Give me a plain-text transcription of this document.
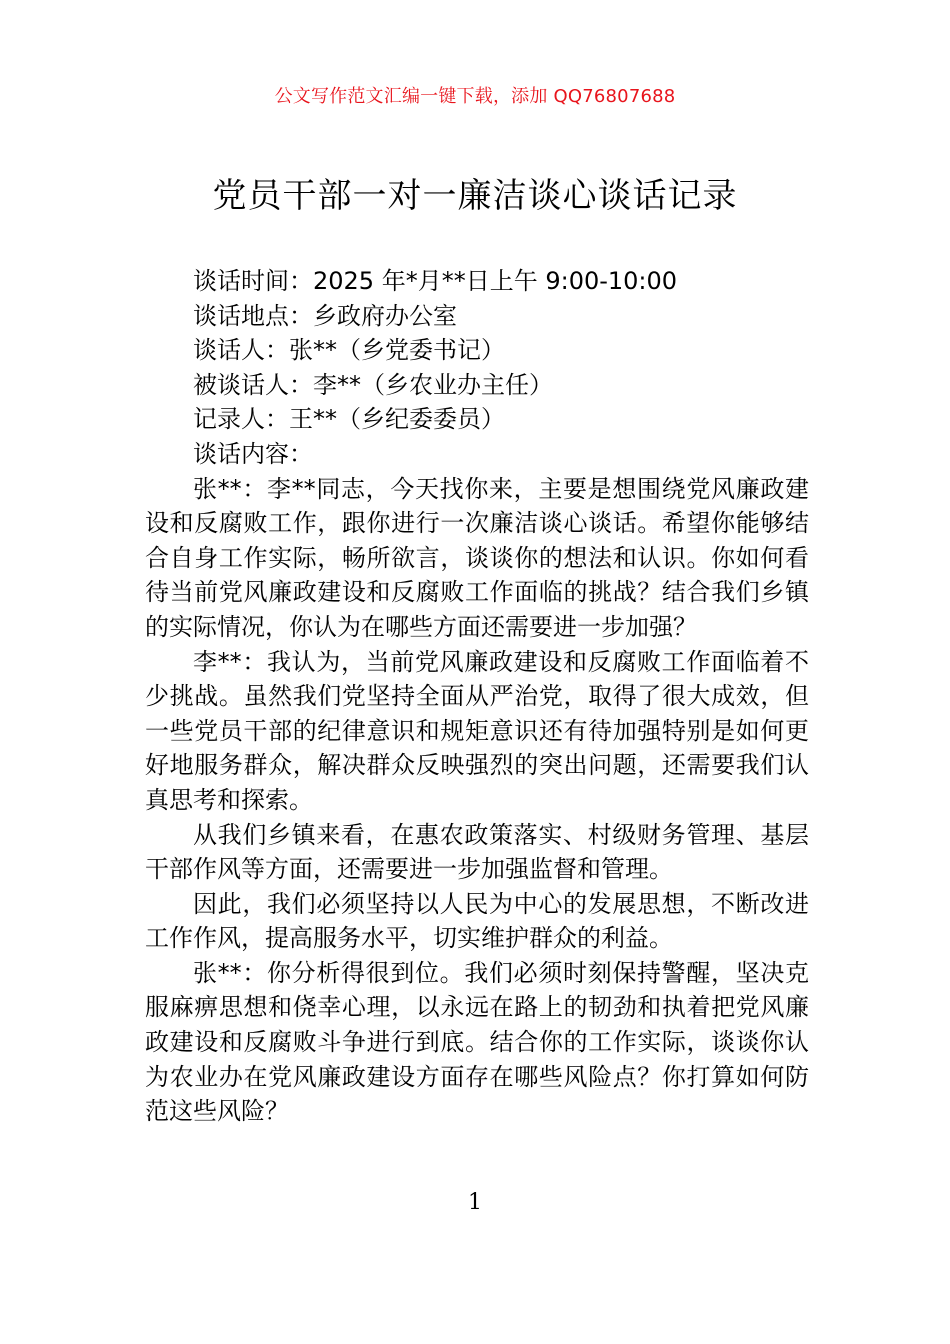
公文写作范文汇编一键下载，添加 QQ76807688
党员干部一对一廉洁谈心谈话记录

谈话时间：2025 年*月**日上午 9:00-10:00

谈话地点：乡政府办公室

谈话人：张**（乡党委书记）

被谈话人：李**（乡农业办主任）

记录人：王**（乡纪委委员）

谈话内容：

张**：李**同志，今天找你来，主要是想围绕党风廉政建设和反腐败工作，跟你进行一次廉洁谈心谈话。希望你能够结合自身工作实际，畅所欲言，谈谈你的想法和认识。你如何看待当前党风廉政建设和反腐败工作面临的挑战？结合我们乡镇的实际情况，你认为在哪些方面还需要进一步加强？

李**：我认为，当前党风廉政建设和反腐败工作面临着不少挑战。虽然我们党坚持全面从严治党，取得了很大成效，但一些党员干部的纪律意识和规矩意识还有待加强特别是如何更好地服务群众，解决群众反映强烈的突出问题，还需要我们认真思考和探索。

从我们乡镇来看，在惠农政策落实、村级财务管理、基层干部作风等方面，还需要进一步加强监督和管理。

因此，我们必须坚持以人民为中心的发展思想，不断改进工作作风，提高服务水平，切实维护群众的利益。

张**：你分析得很到位。我们必须时刻保持警醒，坚决克服麻痹思想和侥幸心理，以永远在路上的韧劲和执着把党风廉政建设和反腐败斗争进行到底。结合你的工作实际，谈谈你认为农业办在党风廉政建设方面存在哪些风险点？你打算如何防范这些风险？

1
